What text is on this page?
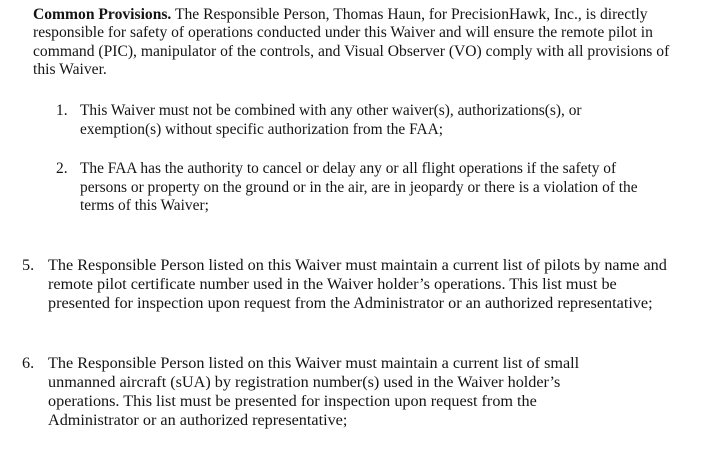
Common Provisions. The Responsible Person, Thomas Haun, for PrecisionHawk, Inc., is directly responsible for safety of operations conducted under this Waiver and will ensure the remote pilot in command (PIC), manipulator of the controls, and Visual Observer (VO) comply with all provisions of this Waiver.

1. This Waiver must not be combined with any other waiver(s), authorizations(s), or exemption(s) without specific authorization from the FAA;
2. The FAA has the authority to cancel or delay any or all flight operations if the safety of persons or property on the ground or in the air, are in jeopardy or there is a violation of the terms of this Waiver;
5. The Responsible Person listed on this Waiver must maintain a current list of pilots by name and remote pilot certificate number used in the Waiver holder’s operations. This list must be presented for inspection upon request from the Administrator or an authorized representative;
6. The Responsible Person listed on this Waiver must maintain a current list of small unmanned aircraft (sUA) by registration number(s) used in the Waiver holder’s operations. This list must be presented for inspection upon request from the Administrator or an authorized representative;
